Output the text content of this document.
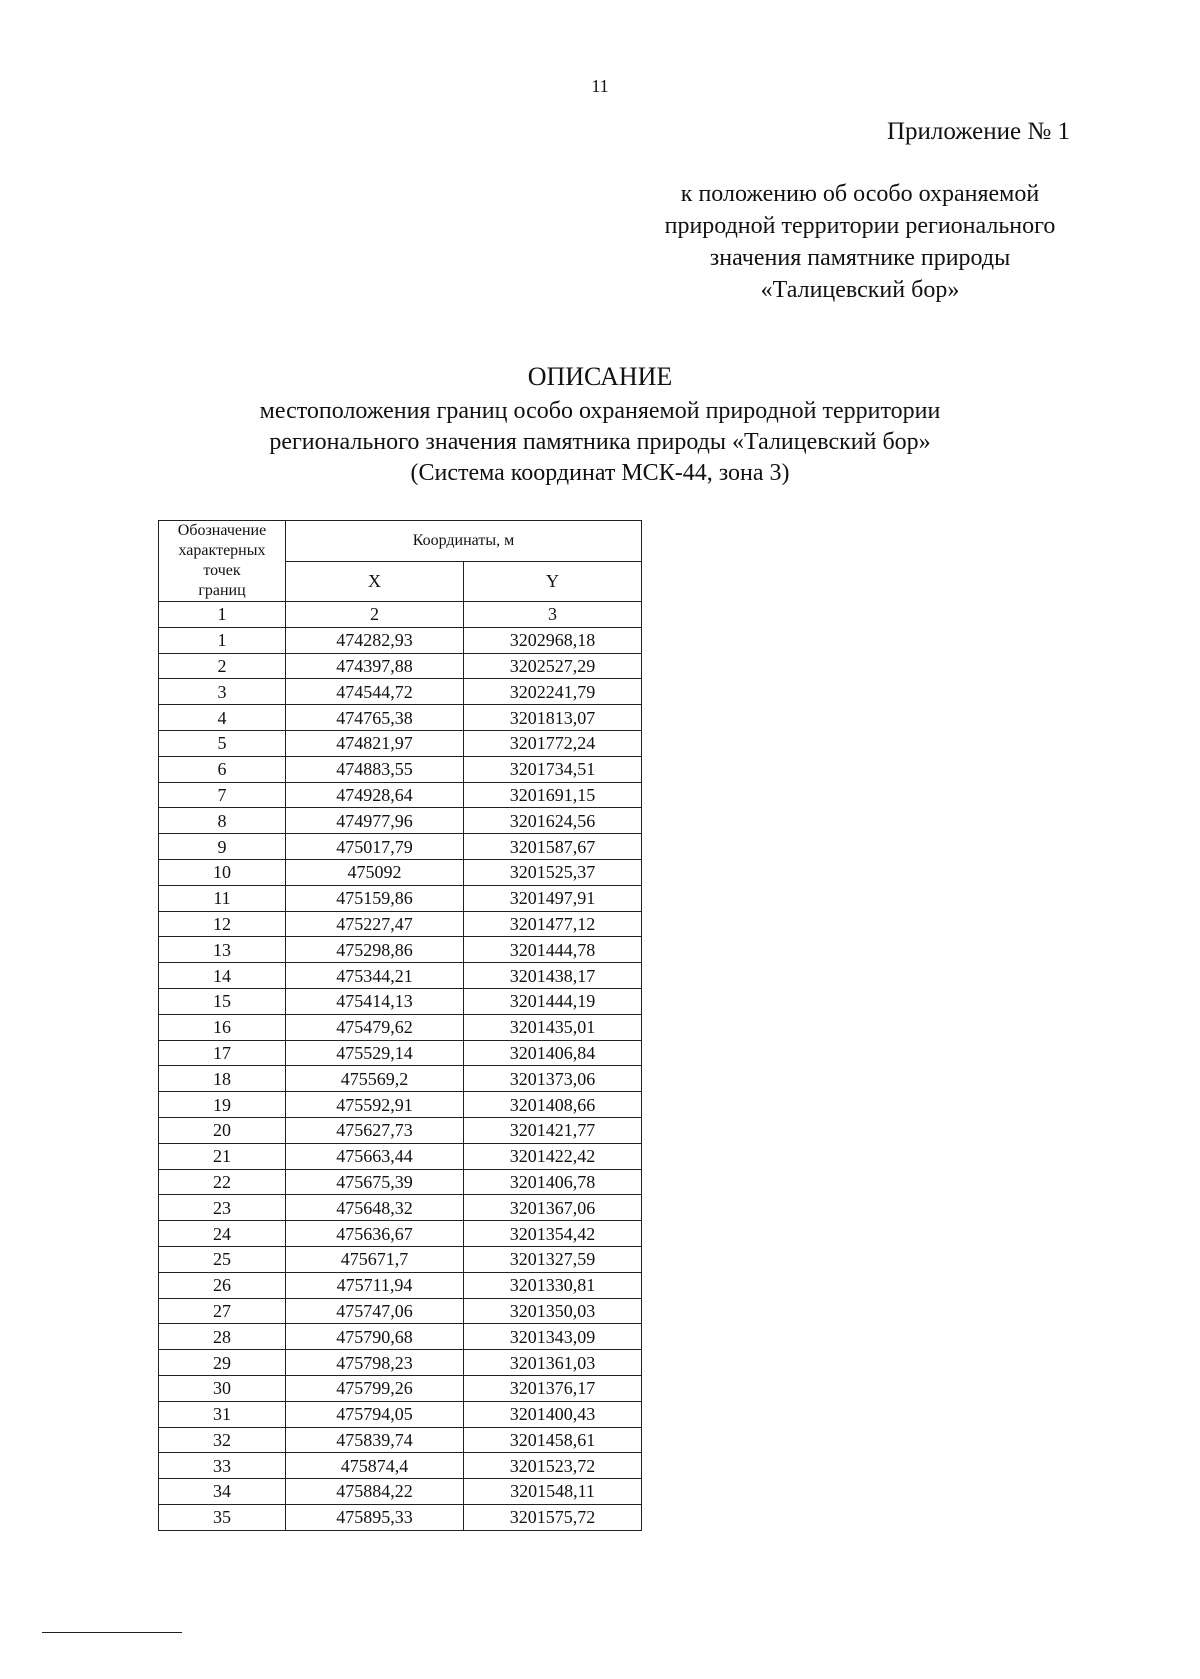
11
Приложение № 1
к положению об особо охраняемой
природной территории регионального
значения памятнике природы
«Талицевский бор»
ОПИСАНИЕ
местоположения границ особо охраняемой природной территории
регионального значения памятника природы «Талицевский бор»
(Система координат МСК-44, зона 3)
Обозначение
характерных
точек
границ	Координаты, м	
	X	Y
1	2	3
1	474282,93	3202968,18
2	474397,88	3202527,29
3	474544,72	3202241,79
4	474765,38	3201813,07
5	474821,97	3201772,24
6	474883,55	3201734,51
7	474928,64	3201691,15
8	474977,96	3201624,56
9	475017,79	3201587,67
10	475092	3201525,37
11	475159,86	3201497,91
12	475227,47	3201477,12
13	475298,86	3201444,78
14	475344,21	3201438,17
15	475414,13	3201444,19
16	475479,62	3201435,01
17	475529,14	3201406,84
18	475569,2	3201373,06
19	475592,91	3201408,66
20	475627,73	3201421,77
21	475663,44	3201422,42
22	475675,39	3201406,78
23	475648,32	3201367,06
24	475636,67	3201354,42
25	475671,7	3201327,59
26	475711,94	3201330,81
27	475747,06	3201350,03
28	475790,68	3201343,09
29	475798,23	3201361,03
30	475799,26	3201376,17
31	475794,05	3201400,43
32	475839,74	3201458,61
33	475874,4	3201523,72
34	475884,22	3201548,11
35	475895,33	3201575,72
